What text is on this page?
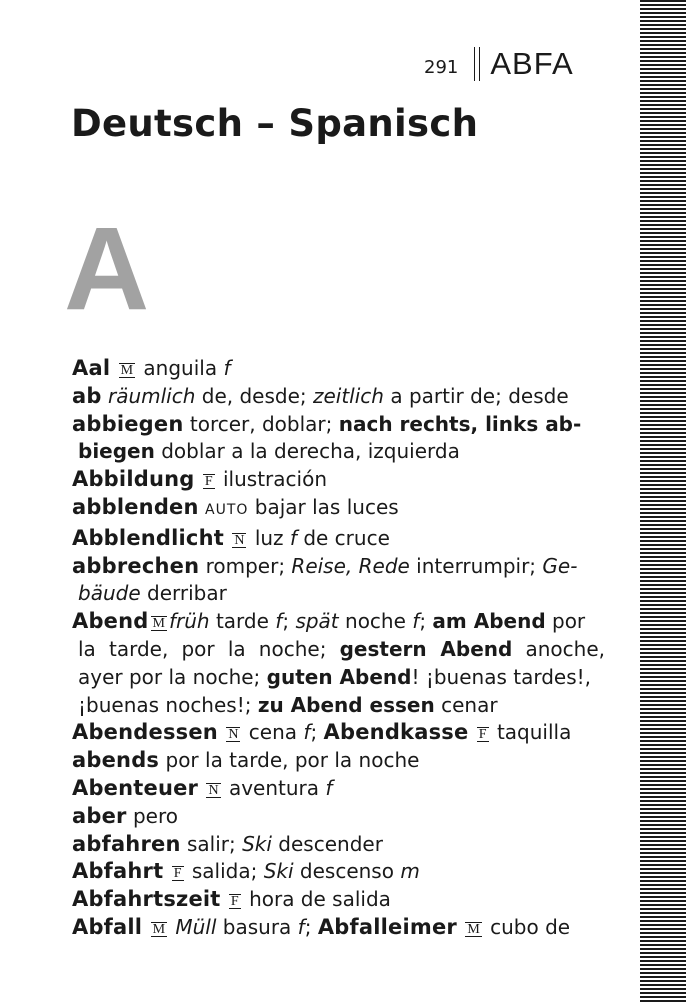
291 ABFA
Deutsch – Spanisch
A
Aal M anguila f
ab räumlich de, desde; zeitlich a partir de; desde
abbiegen torcer, doblar; nach rechts, links ab-
biegen doblar a la derecha, izquierda
Abbildung F ilustración
abblenden AUTO bajar las luces
Abblendlicht N luz f de cruce
abbrechen romper; Reise, Rede interrumpir; Ge-
bäude derribar
Abend M früh tarde f; spät noche f; am Abend por
la tarde, por la noche; gestern Abend anoche,
ayer por la noche; guten Abend! ¡buenas tardes!,
¡buenas noches!; zu Abend essen cenar
Abendessen N cena f; Abendkasse F taquilla
abends por la tarde, por la noche
Abenteuer N aventura f
aber pero
abfahren salir; Ski descender
Abfahrt F salida; Ski descenso m
Abfahrtszeit F hora de salida
Abfall M Müll basura f; Abfalleimer M cubo de
